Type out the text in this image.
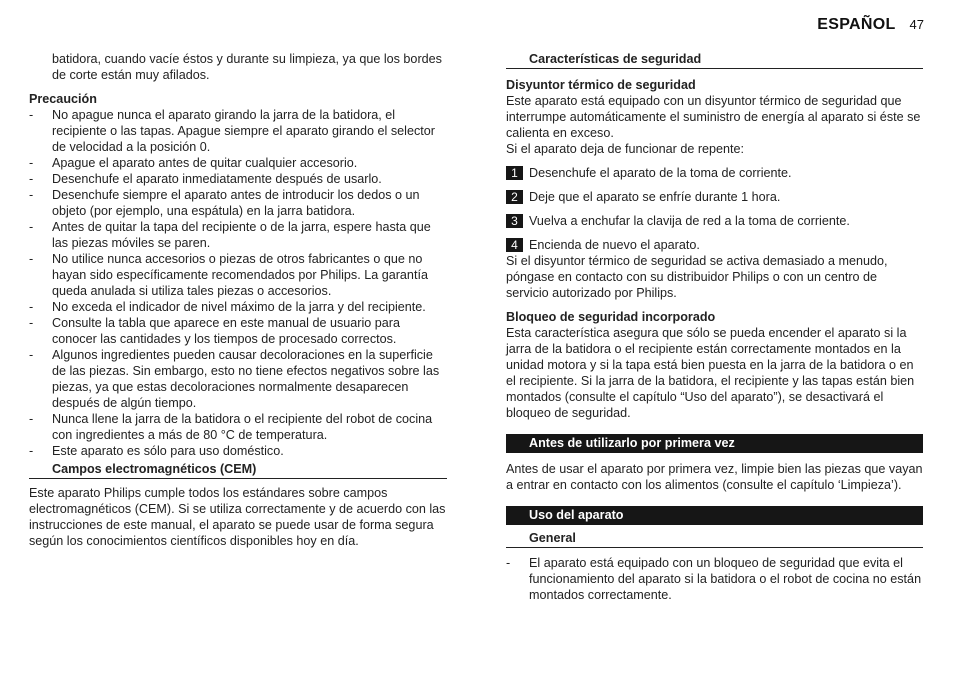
ESPAÑOL 47

batidora, cuando vacíe éstos y durante su limpieza, ya que los bordes de corte están muy afilados.

Precaución

- No apague nunca el aparato girando la jarra de la batidora, el recipiente o las tapas. Apague siempre el aparato girando el selector de velocidad a la posición 0.
- Apague el aparato antes de quitar cualquier accesorio.
- Desenchufe el aparato inmediatamente después de usarlo.
- Desenchufe siempre el aparato antes de introducir los dedos o un objeto (por ejemplo, una espátula) en la jarra batidora.
- Antes de quitar la tapa del recipiente o de la jarra, espere hasta que las piezas móviles se paren.
- No utilice nunca accesorios o piezas de otros fabricantes o que no hayan sido específicamente recomendados por Philips. La garantía queda anulada si utiliza tales piezas o accesorios.
- No exceda el indicador de nivel máximo de la jarra y del recipiente.
- Consulte la tabla que aparece en este manual de usuario para conocer las cantidades y los tiempos de procesado correctos.
- Algunos ingredientes pueden causar decoloraciones en la superficie de las piezas. Sin embargo, esto no tiene efectos negativos sobre las piezas, ya que estas decoloraciones normalmente desaparecen después de algún tiempo.
- Nunca llene la jarra de la batidora o el recipiente del robot de cocina con ingredientes a más de 80 °C de temperatura.
- Este aparato es sólo para uso doméstico.

Campos electromagnéticos (CEM)

Este aparato Philips cumple todos los estándares sobre campos electromagnéticos (CEM). Si se utiliza correctamente y de acuerdo con las instrucciones de este manual, el aparato se puede usar de forma segura según los conocimientos científicos disponibles hoy en día.

Características de seguridad

Disyuntor térmico de seguridad

Este aparato está equipado con un disyuntor térmico de seguridad que interrumpe automáticamente el suministro de energía al aparato si éste se calienta en exceso.

Si el aparato deja de funcionar de repente:

1 Desenchufe el aparato de la toma de corriente.
2 Deje que el aparato se enfríe durante 1 hora.
3 Vuelva a enchufar la clavija de red a la toma de corriente.
4 Encienda de nuevo el aparato.

Si el disyuntor térmico de seguridad se activa demasiado a menudo, póngase en contacto con su distribuidor Philips o con un centro de servicio autorizado por Philips.

Bloqueo de seguridad incorporado

Esta característica asegura que sólo se pueda encender el aparato si la jarra de la batidora o el recipiente están correctamente montados en la unidad motora y si la tapa está bien puesta en la jarra de la batidora o en el recipiente. Si la jarra de la batidora, el recipiente y las tapas están bien montados (consulte el capítulo “Uso del aparato”), se desactivará el bloqueo de seguridad.

Antes de utilizarlo por primera vez

Antes de usar el aparato por primera vez, limpie bien las piezas que vayan a entrar en contacto con los alimentos (consulte el capítulo ‘Limpieza’).

Uso del aparato

General

- El aparato está equipado con un bloqueo de seguridad que evita el funcionamiento del aparato si la batidora o el robot de cocina no están montados correctamente.
